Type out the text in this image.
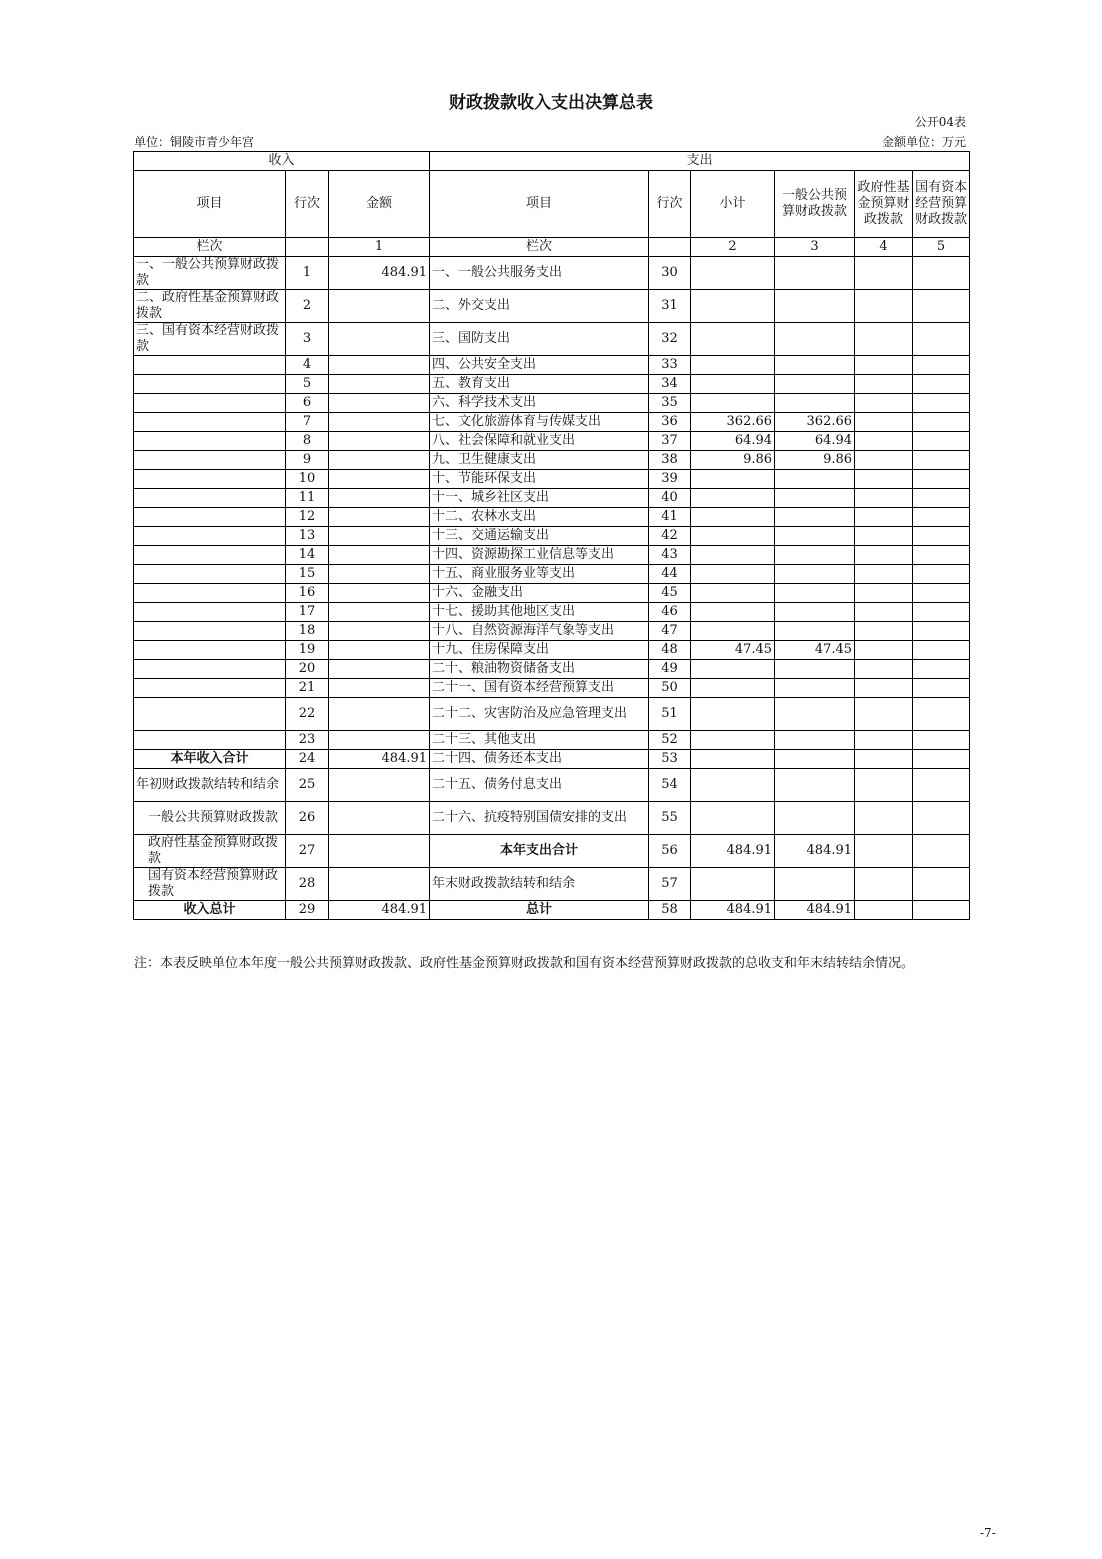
财政拨款收入支出决算总表
公开04表
单位：铜陵市青少年宫	金额单位：万元
收入			支出					
项目	行次	金额	项目	行次	小计	一般公共预算财政拨款	政府性基金预算财政拨款	国有资本经营预算财政拨款
栏次		1	栏次		2	3	4	5
一、一般公共预算财政拨款	1	484.91	一、一般公共服务支出	30				
二、政府性基金预算财政拨款	2		二、外交支出	31				
三、国有资本经营财政拨款	3		三、国防支出	32				
	4		四、公共安全支出	33				
	5		五、教育支出	34				
	6		六、科学技术支出	35				
	7		七、文化旅游体育与传媒支出	36	362.66	362.66		
	8		八、社会保障和就业支出	37	64.94	64.94		
	9		九、卫生健康支出	38	9.86	9.86		
	10		十、节能环保支出	39				
	11		十一、城乡社区支出	40				
	12		十二、农林水支出	41				
	13		十三、交通运输支出	42				
	14		十四、资源勘探工业信息等支出	43				
	15		十五、商业服务业等支出	44				
	16		十六、金融支出	45				
	17		十七、援助其他地区支出	46				
	18		十八、自然资源海洋气象等支出	47				
	19		十九、住房保障支出	48	47.45	47.45		
	20		二十、粮油物资储备支出	49				
	21		二十一、国有资本经营预算支出	50				
	22		二十二、灾害防治及应急管理支出	51				
	23		二十三、其他支出	52				
本年收入合计	24	484.91	二十四、债务还本支出	53				
年初财政拨款结转和结余	25		二十五、债务付息支出	54				
一般公共预算财政拨款	26		二十六、抗疫特别国债安排的支出	55				
政府性基金预算财政拨款	27		本年支出合计	56	484.91	484.91		
国有资本经营预算财政拨款	28		年末财政拨款结转和结余	57				
收入总计	29	484.91	总计	58	484.91	484.91		
注：本表反映单位本年度一般公共预算财政拨款、政府性基金预算财政拨款和国有资本经营预算财政拨款的总收支和年末结转结余情况。
-7-
